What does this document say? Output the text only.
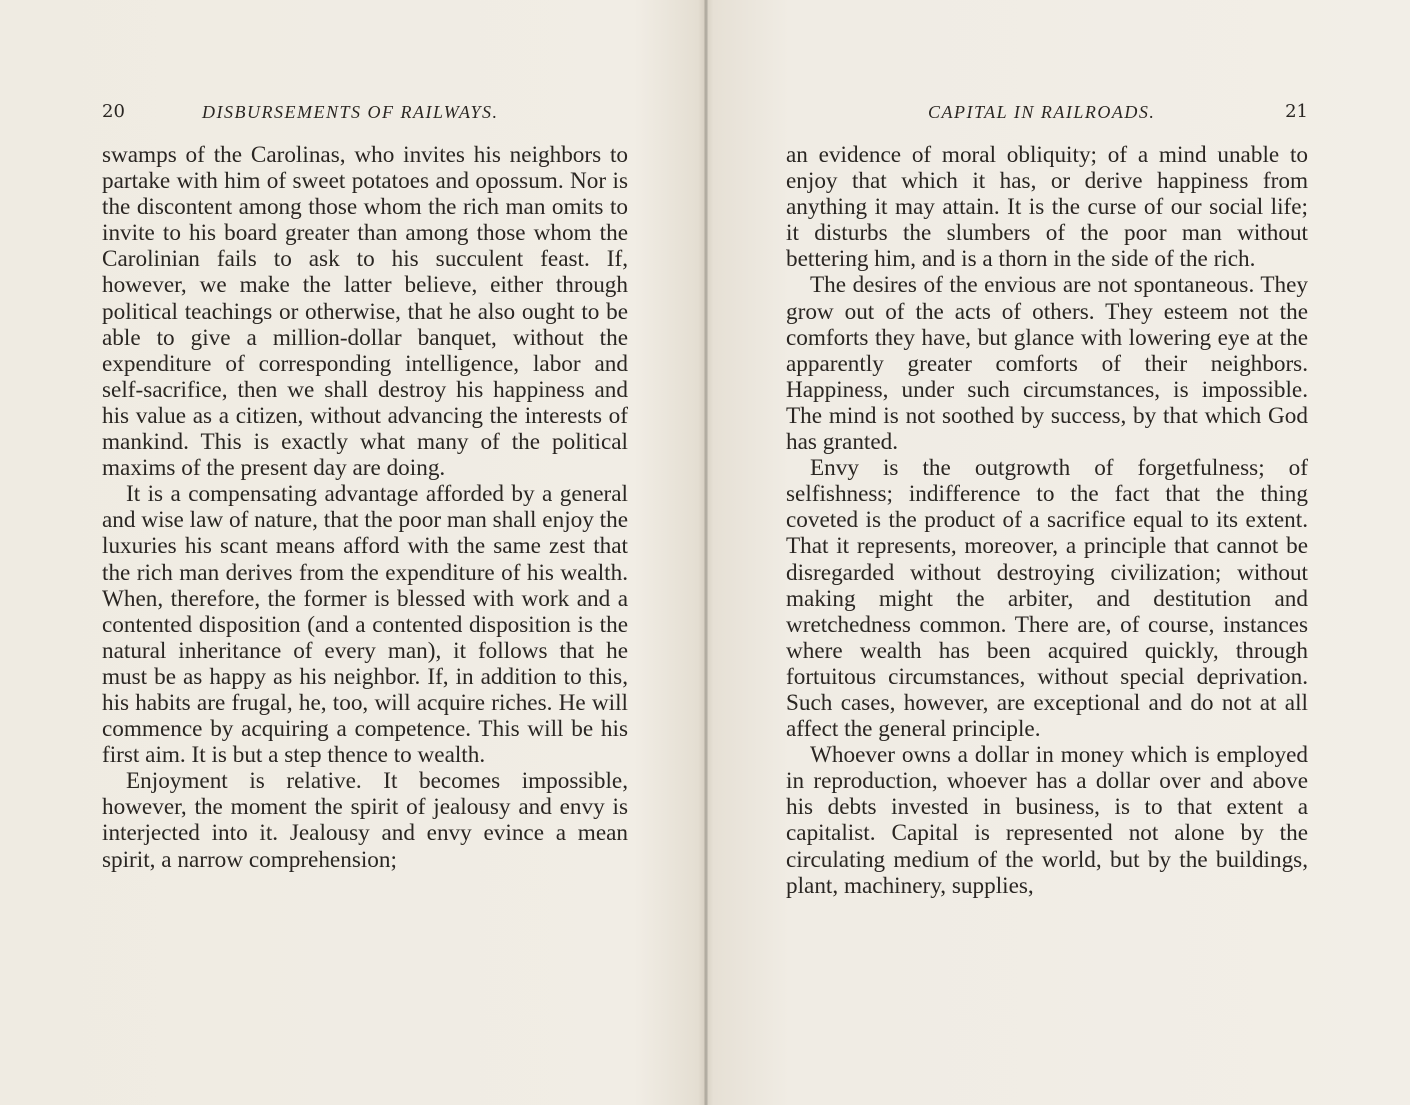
20	DISBURSEMENTS OF RAILWAYS.

swamps of the Carolinas, who invites his neighbors to partake with him of sweet potatoes and opossum. Nor is the discontent among those whom the rich man omits to invite to his board greater than among those whom the Carolinian fails to ask to his succulent feast. If, however, we make the latter believe, either through political teachings or otherwise, that he also ought to be able to give a million-dollar banquet, without the expenditure of corresponding intelligence, labor and self-sacrifice, then we shall destroy his happiness and his value as a citizen, without advancing the interests of mankind. This is exactly what many of the political maxims of the present day are doing.

It is a compensating advantage afforded by a general and wise law of nature, that the poor man shall enjoy the luxuries his scant means afford with the same zest that the rich man derives from the expenditure of his wealth. When, therefore, the former is blessed with work and a contented disposition (and a contented disposition is the natural inheritance of every man), it follows that he must be as happy as his neighbor. If, in addition to this, his habits are frugal, he, too, will acquire riches. He will commence by acquiring a competence. This will be his first aim. It is but a step thence to wealth.

Enjoyment is relative. It becomes impossible, however, the moment the spirit of jealousy and envy is interjected into it. Jealousy and envy evince a mean spirit, a narrow comprehension;

CAPITAL IN RAILROADS.	21

an evidence of moral obliquity; of a mind unable to enjoy that which it has, or derive happiness from anything it may attain. It is the curse of our social life; it disturbs the slumbers of the poor man without bettering him, and is a thorn in the side of the rich.

The desires of the envious are not spontaneous. They grow out of the acts of others. They esteem not the comforts they have, but glance with lowering eye at the apparently greater comforts of their neighbors. Happiness, under such circumstances, is impossible. The mind is not soothed by success, by that which God has granted.

Envy is the outgrowth of forgetfulness; of selfishness; indifference to the fact that the thing coveted is the product of a sacrifice equal to its extent. That it represents, moreover, a principle that cannot be disregarded without destroying civilization; without making might the arbiter, and destitution and wretchedness common. There are, of course, instances where wealth has been acquired quickly, through fortuitous circumstances, without special deprivation. Such cases, however, are exceptional and do not at all affect the general principle.

Whoever owns a dollar in money which is employed in reproduction, whoever has a dollar over and above his debts invested in business, is to that extent a capitalist. Capital is represented not alone by the circulating medium of the world, but by the buildings, plant, machinery, supplies,
